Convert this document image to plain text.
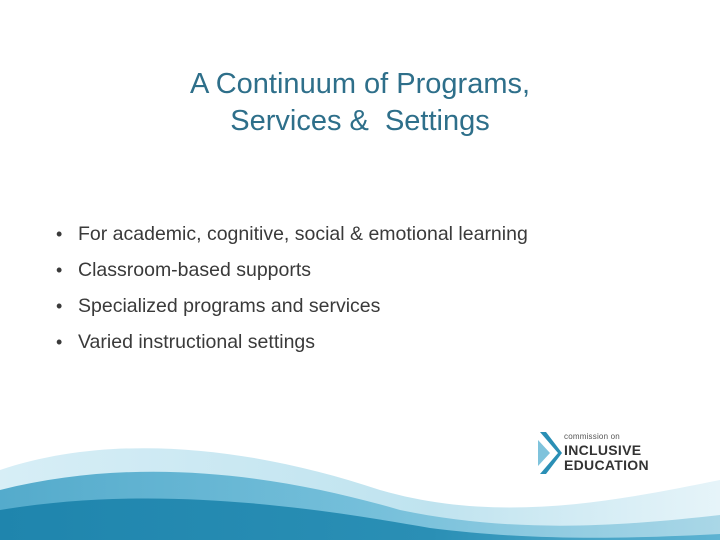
A Continuum of Programs,
Services &  Settings
• For academic, cognitive, social & emotional learning
• Classroom-based supports
• Specialized programs and services
• Varied instructional settings
commission on
INCLUSIVE
EDUCATION
